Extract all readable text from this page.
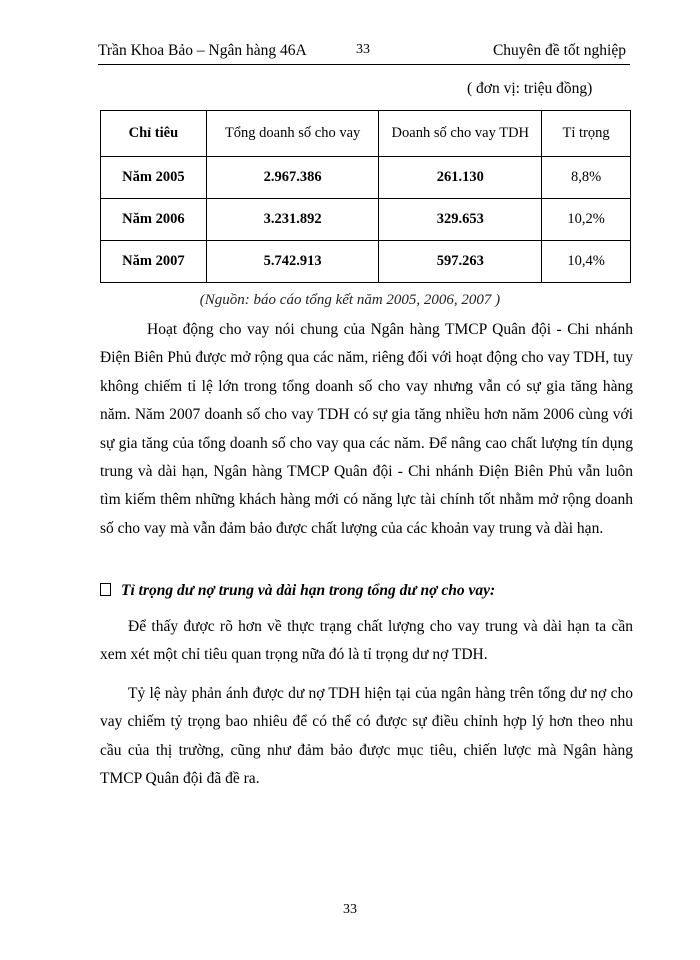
Trần Khoa Bảo – Ngân hàng 46A	33	Chuyên đề tốt nghiệp
( đơn vị: triệu đồng)
Chỉ tiêu	Tổng doanh số cho vay	Doanh số cho vay TDH	Tỉ trọng
Năm 2005	2.967.386	261.130	8,8%
Năm 2006	3.231.892	329.653	10,2%
Năm 2007	5.742.913	597.263	10,4%
(Nguồn: báo cáo tổng kết năm 2005, 2006, 2007 )
Hoạt động cho vay nói chung của Ngân hàng TMCP Quân đội - Chi nhánh Điện Biên Phủ được mở rộng qua các năm, riêng đối với hoạt động cho vay TDH, tuy không chiếm tỉ lệ lớn trong tổng doanh số cho vay nhưng vẫn có sự gia tăng hàng năm. Năm 2007 doanh số cho vay TDH có sự gia tăng nhiều hơn năm 2006 cùng với sự gia tăng của tổng doanh số cho vay qua các năm. Để nâng cao chất lượng tín dụng trung và dài hạn, Ngân hàng TMCP Quân đội - Chi nhánh Điện Biên Phủ vẫn luôn tìm kiếm thêm những khách hàng mới có năng lực tài chính tốt nhằm mở rộng doanh số cho vay mà vẫn đảm bảo được chất lượng của các khoản vay trung và dài hạn.
Tỉ trọng dư nợ trung và dài hạn trong tổng dư nợ cho vay:
Để thấy được rõ hơn về thực trạng chất lượng cho vay trung và dài hạn ta cần xem xét một chỉ tiêu quan trọng nữa đó là tỉ trọng dư nợ TDH.
Tỷ lệ này phản ánh được dư nợ TDH hiện tại của ngân hàng trên tổng dư nợ cho vay chiếm tỷ trọng bao nhiêu để có thể có được sự điều chỉnh hợp lý hơn theo nhu cầu của thị trường, cũng như đảm bảo được mục tiêu, chiến lược mà Ngân hàng TMCP Quân đội đã đề ra.
33
